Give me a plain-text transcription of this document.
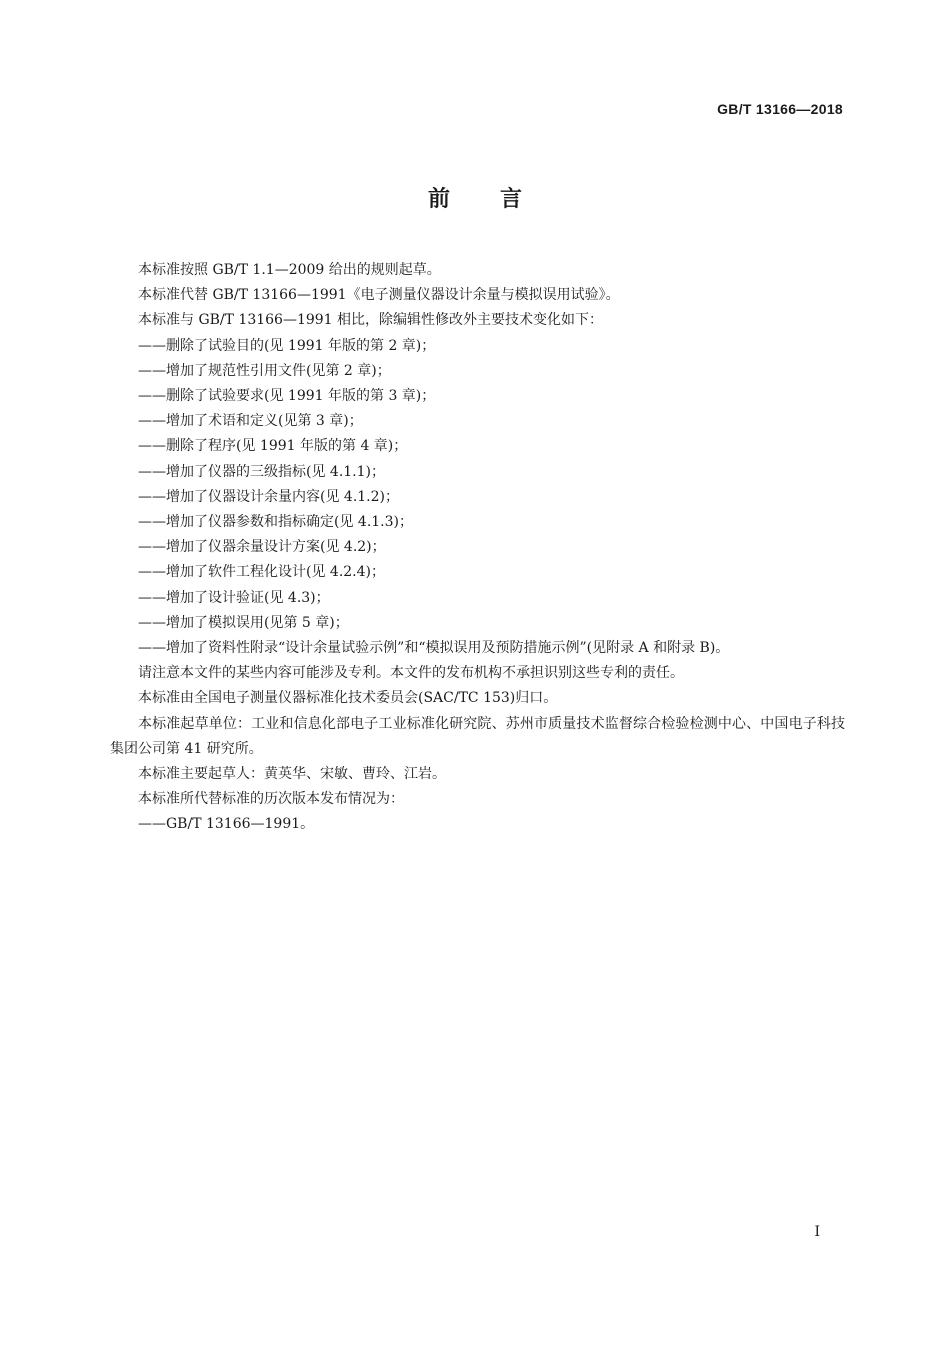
GB/T 13166—2018
前言

本标准按照 GB/T 1.1—2009 给出的规则起草。

本标准代替 GB/T 13166—1991《电子测量仪器设计余量与模拟误用试验》。

本标准与 GB/T 13166—1991 相比，除编辑性修改外主要技术变化如下：

——删除了试验目的(见 1991 年版的第 2 章)；

——增加了规范性引用文件(见第 2 章)；

——删除了试验要求(见 1991 年版的第 3 章)；

——增加了术语和定义(见第 3 章)；

——删除了程序(见 1991 年版的第 4 章)；

——增加了仪器的三级指标(见 4.1.1)；

——增加了仪器设计余量内容(见 4.1.2)；

——增加了仪器参数和指标确定(见 4.1.3)；

——增加了仪器余量设计方案(见 4.2)；

——增加了软件工程化设计(见 4.2.4)；

——增加了设计验证(见 4.3)；

——增加了模拟误用(见第 5 章)；

——增加了资料性附录“设计余量试验示例”和“模拟误用及预防措施示例”(见附录 A 和附录 B)。

请注意本文件的某些内容可能涉及专利。本文件的发布机构不承担识别这些专利的责任。

本标准由全国电子测量仪器标准化技术委员会(SAC/TC 153)归口。

本标准起草单位：工业和信息化部电子工业标准化研究院、苏州市质量技术监督综合检验检测中心、中国电子科技集团公司第 41 研究所。

本标准主要起草人：黄英华、宋敏、曹玲、江岩。

本标准所代替标准的历次版本发布情况为：

——GB/T 13166—1991。

I
